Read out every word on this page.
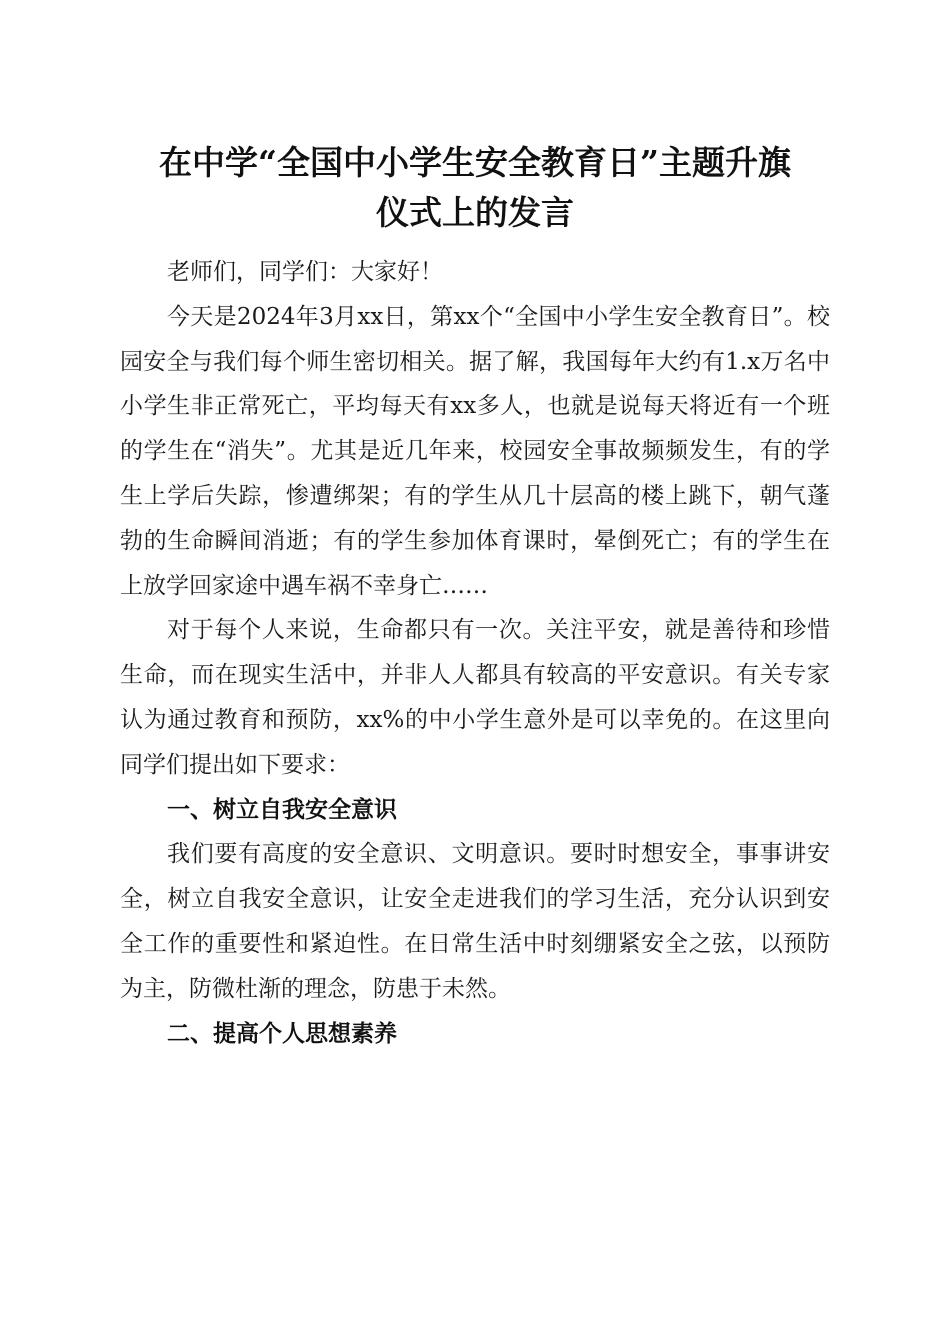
在中学“全国中小学生安全教育日”主题升旗
仪式上的发言

老师们，同学们：大家好！

今天是2024年3月xx日，第xx个“全国中小学生安全教育日”。校园安全与我们每个师生密切相关。据了解，我国每年大约有1.x万名中小学生非正常死亡，平均每天有xx多人，也就是说每天将近有一个班的学生在“消失”。尤其是近几年来，校园安全事故频频发生，有的学生上学后失踪，惨遭绑架；有的学生从几十层高的楼上跳下，朝气蓬勃的生命瞬间消逝；有的学生参加体育课时，晕倒死亡；有的学生在上放学回家途中遇车祸不幸身亡……

对于每个人来说，生命都只有一次。关注平安，就是善待和珍惜生命，而在现实生活中，并非人人都具有较高的平安意识。有关专家认为通过教育和预防，xx%的中小学生意外是可以幸免的。在这里向同学们提出如下要求：

一、树立自我安全意识

我们要有高度的安全意识、文明意识。要时时想安全，事事讲安全，树立自我安全意识，让安全走进我们的学习生活，充分认识到安全工作的重要性和紧迫性。在日常生活中时刻绷紧安全之弦，以预防为主，防微杜渐的理念，防患于未然。

二、提高个人思想素养
